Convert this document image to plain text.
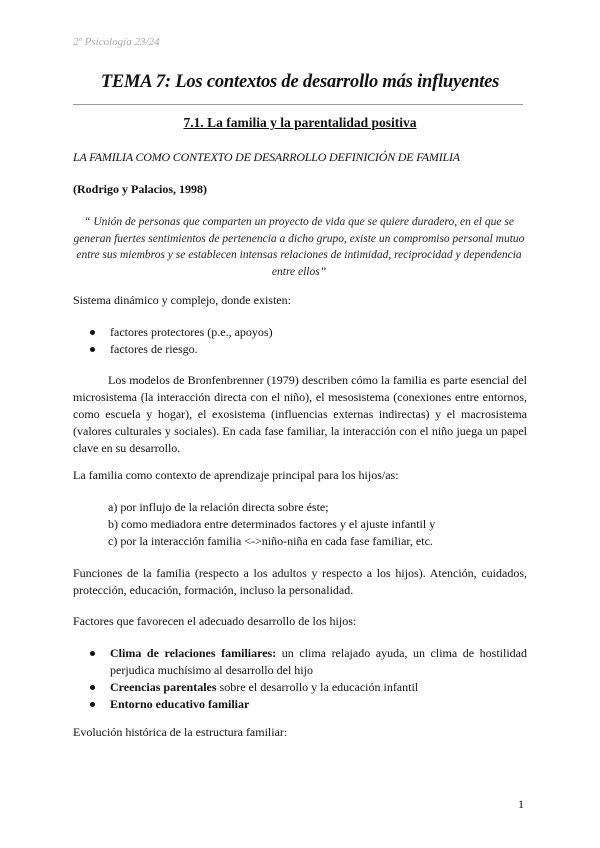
2º Psicología 23/24
TEMA 7: Los contextos de desarrollo más influyentes
7.1. La familia y la parentalidad positiva
LA FAMILIA COMO CONTEXTO DE DESARROLLO DEFINICIÓN DE FAMILIA
(Rodrigo y Palacios, 1998)
“ Unión de personas que comparten un proyecto de vida que se quiere duradero, en el que se generan fuertes sentimientos de pertenencia a dicho grupo, existe un compromiso personal mutuo entre sus miembros y se establecen intensas relaciones de intimidad, reciprocidad y dependencia entre ellos”

Sistema dinámico y complejo, donde existen:

factores protectores (p.e., apoyos)
factores de riesgo.

Los modelos de Bronfenbrenner (1979) describen cómo la familia es parte esencial del microsistema (la interacción directa con el niño), el mesosistema (conexiones entre entornos, como escuela y hogar), el exosistema (influencias externas indirectas) y el macrosistema (valores culturales y sociales). En cada fase familiar, la interacción con el niño juega un papel clave en su desarrollo.

La familia como contexto de aprendizaje principal para los hijos/as:

a) por influjo de la relación directa sobre éste;
b) como mediadora entre determinados factores y el ajuste infantil y
c) por la interacción familia <->niño-niña en cada fase familiar, etc.

Funciones de la familia (respecto a los adultos y respecto a los hijos). Atención, cuidados, protección, educación, formación, incluso la personalidad.

Factores que favorecen el adecuado desarrollo de los hijos:

Clima de relaciones familiares: un clima relajado ayuda, un clima de hostilidad perjudica muchísimo al desarrollo del hijo
Creencias parentales sobre el desarrollo y la educación infantil
Entorno educativo familiar

Evolución histórica de la estructura familiar:

1
